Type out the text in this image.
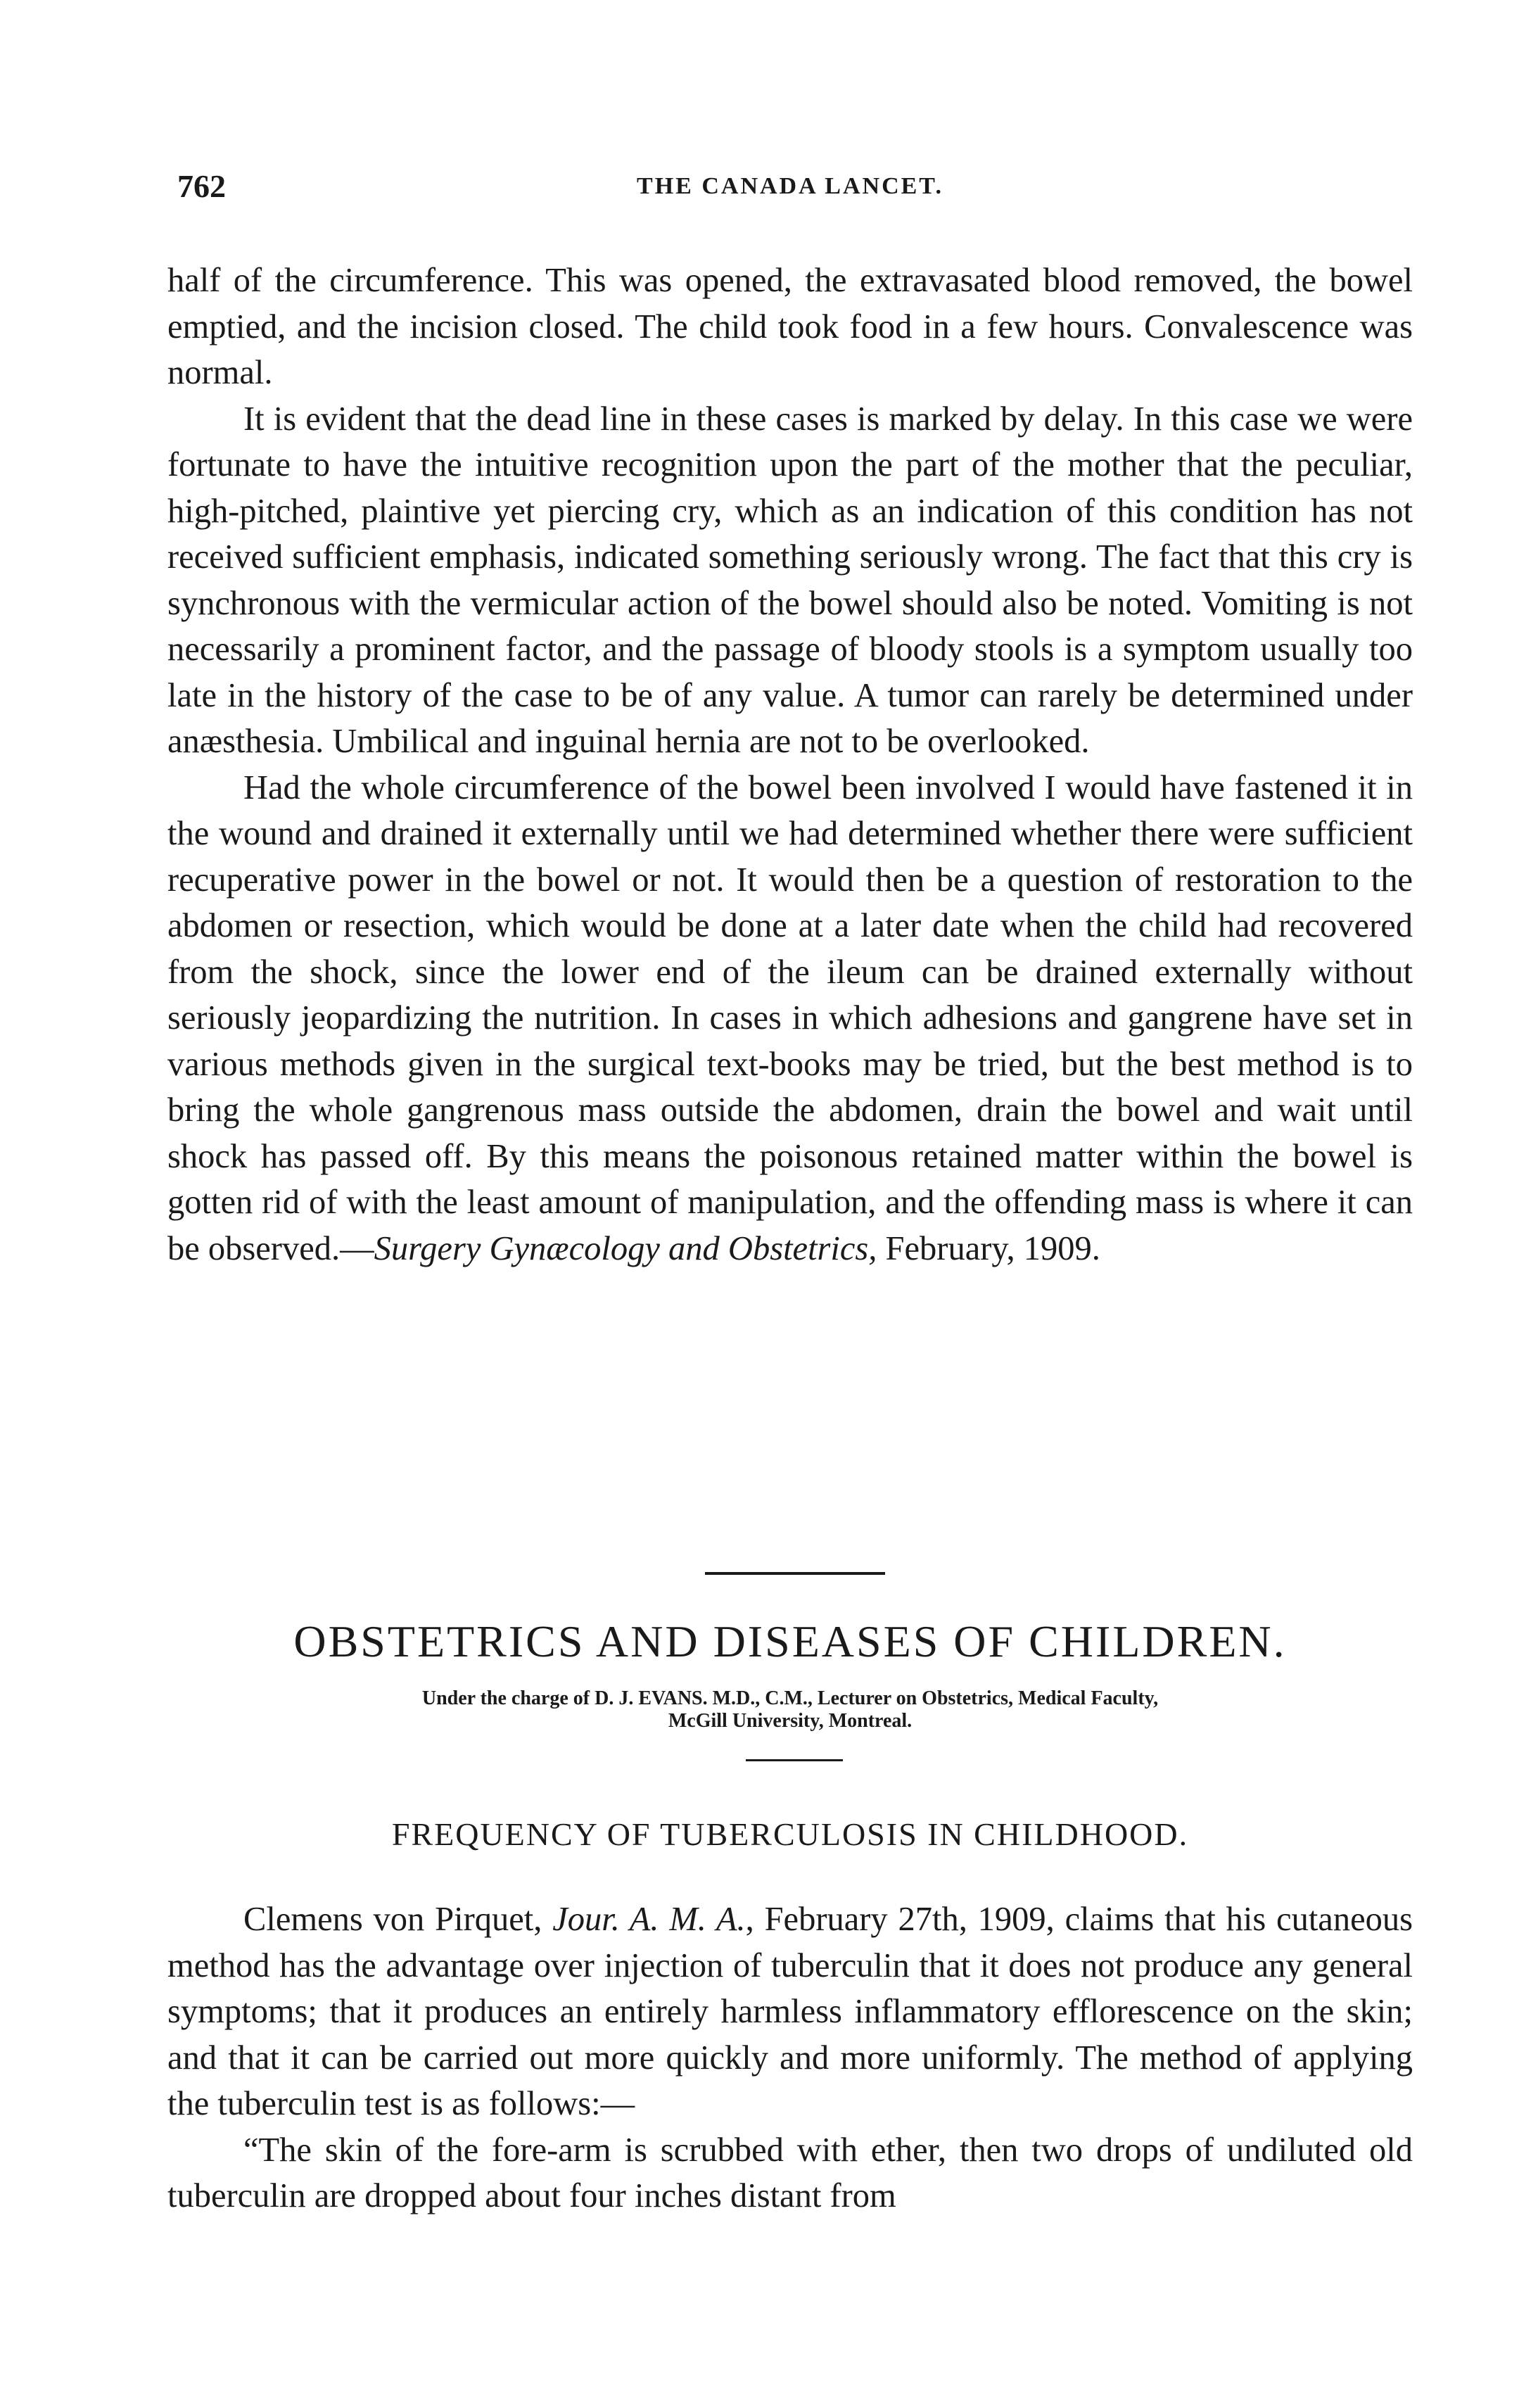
762	THE CANADA LANCET.

half of the circumference. This was opened, the extravasated blood removed, the bowel emptied, and the incision closed. The child took food in a few hours. Convalescence was normal.

It is evident that the dead line in these cases is marked by delay. In this case we were fortunate to have the intuitive recognition upon the part of the mother that the peculiar, high-pitched, plaintive yet piercing cry, which as an indication of this condition has not received sufficient emphasis, indicated something seriously wrong. The fact that this cry is synchronous with the vermicular action of the bowel should also be noted. Vomiting is not necessarily a prominent factor, and the passage of bloody stools is a symptom usually too late in the history of the case to be of any value. A tumor can rarely be determined under anæsthesia. Umbilical and inguinal hernia are not to be overlooked.

Had the whole circumference of the bowel been involved I would have fastened it in the wound and drained it externally until we had determined whether there were sufficient recuperative power in the bowel or not. It would then be a question of restoration to the abdomen or resection, which would be done at a later date when the child had recovered from the shock, since the lower end of the ileum can be drained externally without seriously jeopardizing the nutrition. In cases in which adhesions and gangrene have set in various methods given in the surgical text-books may be tried, but the best method is to bring the whole gangrenous mass outside the abdomen, drain the bowel and wait until shock has passed off. By this means the poisonous retained matter within the bowel is gotten rid of with the least amount of manipulation, and the offending mass is where it can be observed.—Surgery Gynæcology and Obstetrics, February, 1909.

OBSTETRICS AND DISEASES OF CHILDREN.
Under the charge of D. J. EVANS. M.D., C.M., Lecturer on Obstetrics, Medical Faculty,
McGill University, Montreal.
FREQUENCY OF TUBERCULOSIS IN CHILDHOOD.

Clemens von Pirquet, Jour. A. M. A., February 27th, 1909, claims that his cutaneous method has the advantage over injection of tuberculin that it does not produce any general symptoms; that it produces an entirely harmless inflammatory efflorescence on the skin; and that it can be carried out more quickly and more uniformly. The method of applying the tuberculin test is as follows:—

“The skin of the fore-arm is scrubbed with ether, then two drops of undiluted old tuberculin are dropped about four inches distant from
